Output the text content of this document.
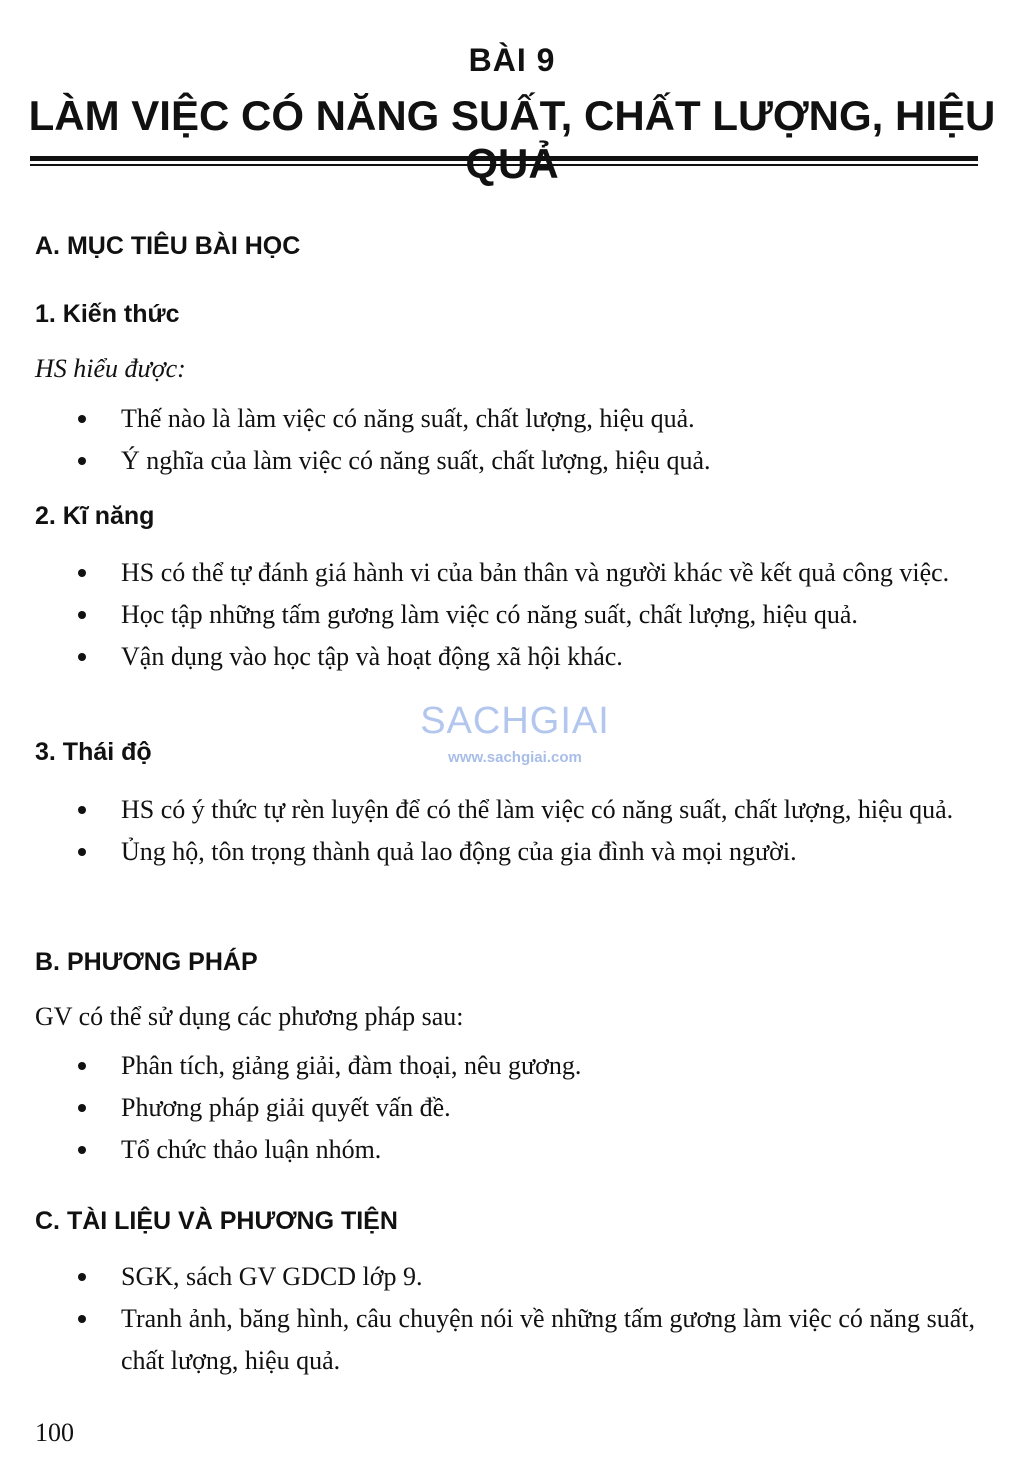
BÀI 9
LÀM VIỆC CÓ NĂNG SUẤT, CHẤT LƯỢNG, HIỆU
A. MỤC TIÊU BÀI HỌC
1. Kiến thức
HS hiểu được:
Thế nào là làm việc có năng suất, chất lượng, hiệu quả.
Ý nghĩa của làm việc có năng suất, chất lượng, hiệu quả.
2. Kĩ năng
HS có thể tự đánh giá hành vi của bản thân và người khác về kết quả công việc.
Học tập những tấm gương làm việc có năng suất, chất lượng, hiệu quả.
Vận dụng vào học tập và hoạt động xã hội khác.
3. Thái độ
HS có ý thức tự rèn luyện để có thể làm việc có năng suất, chất lượng, hiệu quả.
Ủng hộ, tôn trọng thành quả lao động của gia đình và mọi người.
B. PHƯƠNG PHÁP
GV có thể sử dụng các phương pháp sau:
Phân tích, giảng giải, đàm thoại, nêu gương.
Phương pháp giải quyết vấn đề.
Tổ chức thảo luận nhóm.
C. TÀI LIỆU VÀ PHƯƠNG TIỆN
SGK, sách GV GDCD lớp 9.
Tranh ảnh, băng hình, câu chuyện nói về những tấm gương làm việc có năng suất, chất lượng, hiệu quả.
SACHGIAI
www.sachgiai.com
100
